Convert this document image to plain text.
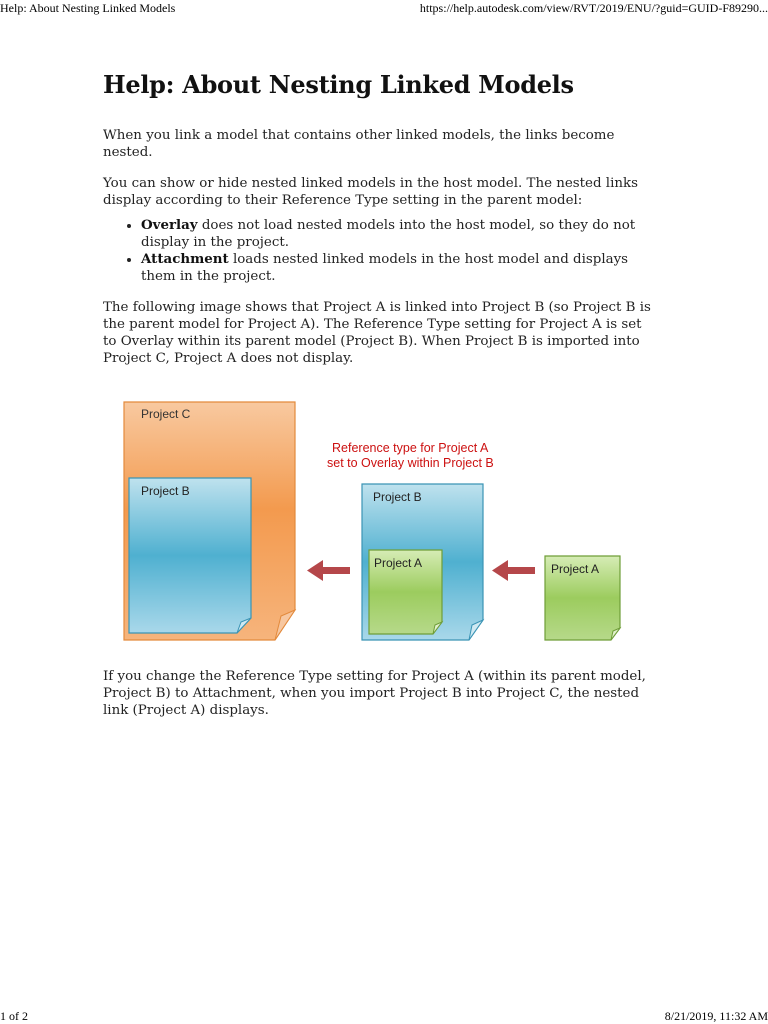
Help: About Nesting Linked Models	https://help.autodesk.com/view/RVT/2019/ENU/?guid=GUID-F89290...
Help: About Nesting Linked Models

When you link a model that contains other linked models, the links become nested.

You can show or hide nested linked models in the host model. The nested links display according to their Reference Type setting in the parent model:

• Overlay does not load nested models into the host model, so they do not display in the project.
• Attachment loads nested linked models in the host model and displays them in the project.

The following image shows that Project A is linked into Project B (so Project B is the parent model for Project A). The Reference Type setting for Project A is set to Overlay within its parent model (Project B). When Project B is imported into Project C, Project A does not display.

Project C
Project B
Reference type for Project A
set to Overlay within Project B
Project B
Project A	Project A

If you change the Reference Type setting for Project A (within its parent model, Project B) to Attachment, when you import Project B into Project C, the nested link (Project A) displays.

1 of 2	8/21/2019, 11:32 AM
